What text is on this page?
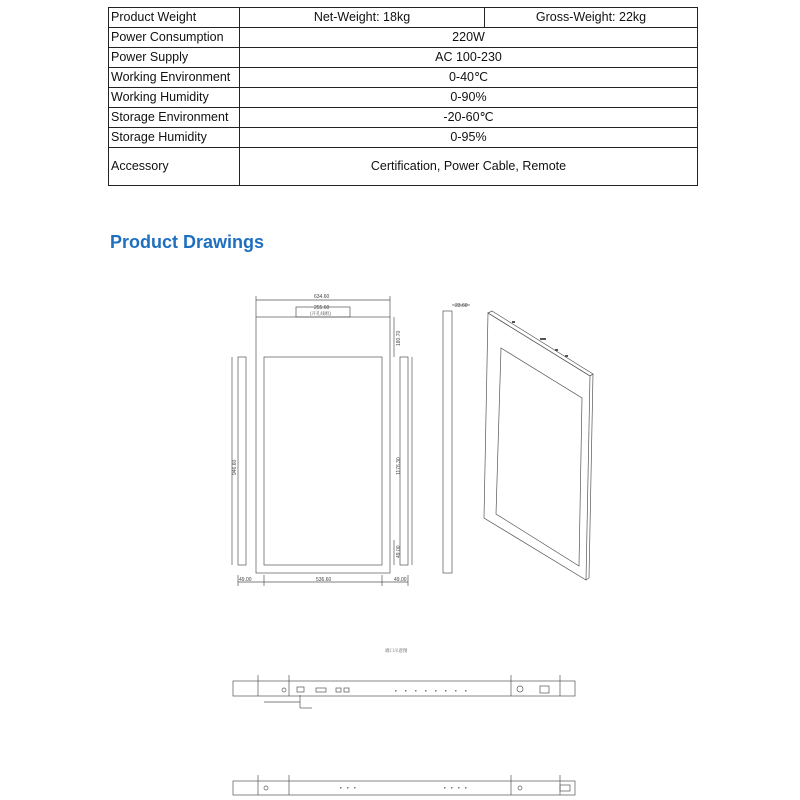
Product Weight	Net-Weight: 18kg	Gross-Weight: 22kg
Power Consumption	220W	
Power Supply	AC 100-230	
Working Environment	0-40℃	
Working Humidity	0-90%	
Storage Environment	-20-60℃	
Storage Humidity	0-95%	
Accessory	Certification, Power Cable, Remote	
Product Drawings
634.60
255.60
(开孔线框)
180.70
946.60	1176.30
49.00
49.00	536.60	49.00
23.60
端口示意图
